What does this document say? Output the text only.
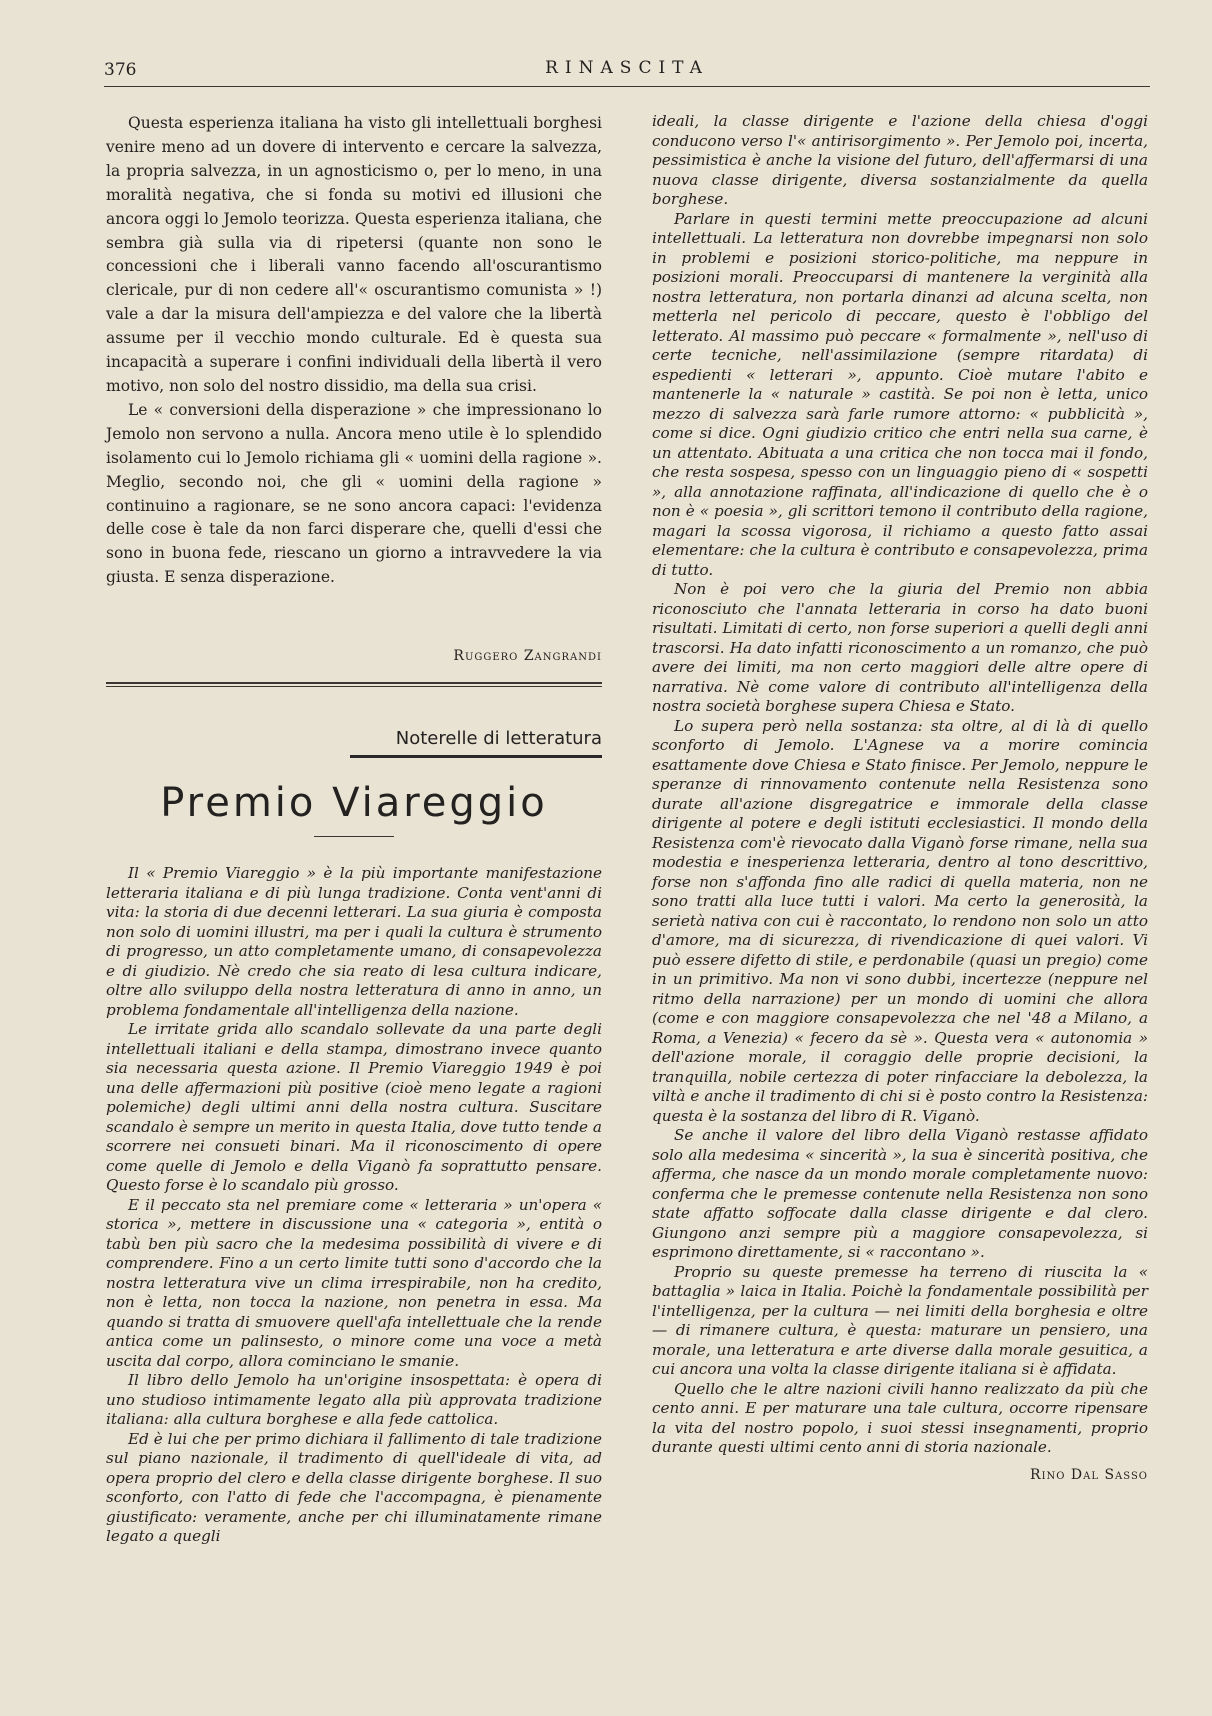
376	RINASCITA

Questa esperienza italiana ha visto gli intellettuali borghesi venire meno ad un dovere di intervento e cercare la salvezza, la propria salvezza, in un agnosticismo o, per lo meno, in una moralità negativa, che si fonda su motivi ed illusioni che ancora oggi lo Jemolo teorizza. Questa esperienza italiana, che sembra già sulla via di ripetersi (quante non sono le concessioni che i liberali vanno facendo all'oscurantismo clericale, pur di non cedere all'« oscurantismo comunista » !) vale a dar la misura dell'ampiezza e del valore che la libertà assume per il vecchio mondo culturale. Ed è questa sua incapacità a superare i confini individuali della libertà il vero motivo, non solo del nostro dissidio, ma della sua crisi.

Le « conversioni della disperazione » che impressionano lo Jemolo non servono a nulla. Ancora meno utile è lo splendido isolamento cui lo Jemolo richiama gli « uomini della ragione ». Meglio, secondo noi, che gli « uomini della ragione » continuino a ragionare, se ne sono ancora capaci: l'evidenza delle cose è tale da non farci disperare che, quelli d'essi che sono in buona fede, riescano un giorno a intravvedere la via giusta. E senza disperazione.

Ruggero Zangrandi
Noterelle di letteratura
Premio Viareggio

Il « Premio Viareggio » è la più importante manifestazione letteraria italiana e di più lunga tradizione. Conta vent'anni di vita: la storia di due decenni letterari. La sua giuria è composta non solo di uomini illustri, ma per i quali la cultura è strumento di progresso, un atto completamente umano, di consapevolezza e di giudizio. Nè credo che sia reato di lesa cultura indicare, oltre allo sviluppo della nostra letteratura di anno in anno, un problema fondamentale all'intelligenza della nazione.

Le irritate grida allo scandalo sollevate da una parte degli intellettuali italiani e della stampa, dimostrano invece quanto sia necessaria questa azione. Il Premio Viareggio 1949 è poi una delle affermazioni più positive (cioè meno legate a ragioni polemiche) degli ultimi anni della nostra cultura. Suscitare scandalo è sempre un merito in questa Italia, dove tutto tende a scorrere nei consueti binari. Ma il riconoscimento di opere come quelle di Jemolo e della Viganò fa soprattutto pensare. Questo forse è lo scandalo più grosso.

E il peccato sta nel premiare come « letteraria » un'opera « storica », mettere in discussione una « categoria », entità o tabù ben più sacro che la medesima possibilità di vivere e di comprendere. Fino a un certo limite tutti sono d'accordo che la nostra letteratura vive un clima irrespirabile, non ha credito, non è letta, non tocca la nazione, non penetra in essa. Ma quando si tratta di smuovere quell'afa intellettuale che la rende antica come un palinsesto, o minore come una voce a metà uscita dal corpo, allora cominciano le smanie.

Il libro dello Jemolo ha un'origine insospettata: è opera di uno studioso intimamente legato alla più approvata tradizione italiana: alla cultura borghese e alla fede cattolica.

Ed è lui che per primo dichiara il fallimento di tale tradizione sul piano nazionale, il tradimento di quell'ideale di vita, ad opera proprio del clero e della classe dirigente borghese. Il suo sconforto, con l'atto di fede che l'accompagna, è pienamente giustificato: veramente, anche per chi illuminatamente rimane legato a quegli

ideali, la classe dirigente e l'azione della chiesa d'oggi conducono verso l'« antirisorgimento ». Per Jemolo poi, incerta, pessimistica è anche la visione del futuro, dell'affermarsi di una nuova classe dirigente, diversa sostanzialmente da quella borghese.

Parlare in questi termini mette preoccupazione ad alcuni intellettuali. La letteratura non dovrebbe impegnarsi non solo in problemi e posizioni storico-politiche, ma neppure in posizioni morali. Preoccuparsi di mantenere la verginità alla nostra letteratura, non portarla dinanzi ad alcuna scelta, non metterla nel pericolo di peccare, questo è l'obbligo del letterato. Al massimo può peccare « formalmente », nell'uso di certe tecniche, nell'assimilazione (sempre ritardata) di espedienti « letterari », appunto. Cioè mutare l'abito e mantenerle la « naturale » castità. Se poi non è letta, unico mezzo di salvezza sarà farle rumore attorno: « pubblicità », come si dice. Ogni giudizio critico che entri nella sua carne, è un attentato. Abituata a una critica che non tocca mai il fondo, che resta sospesa, spesso con un linguaggio pieno di « sospetti », alla annotazione raffinata, all'indicazione di quello che è o non è « poesia », gli scrittori temono il contributo della ragione, magari la scossa vigorosa, il richiamo a questo fatto assai elementare: che la cultura è contributo e consapevolezza, prima di tutto.

Non è poi vero che la giuria del Premio non abbia riconosciuto che l'annata letteraria in corso ha dato buoni risultati. Limitati di certo, non forse superiori a quelli degli anni trascorsi. Ha dato infatti riconoscimento a un romanzo, che può avere dei limiti, ma non certo maggiori delle altre opere di narrativa. Nè come valore di contributo all'intelligenza della nostra società borghese supera Chiesa e Stato.

Lo supera però nella sostanza: sta oltre, al di là di quello sconforto di Jemolo. L'Agnese va a morire comincia esattamente dove Chiesa e Stato finisce. Per Jemolo, neppure le speranze di rinnovamento contenute nella Resistenza sono durate all'azione disgregatrice e immorale della classe dirigente al potere e degli istituti ecclesiastici. Il mondo della Resistenza com'è rievocato dalla Viganò forse rimane, nella sua modestia e inesperienza letteraria, dentro al tono descrittivo, forse non s'affonda fino alle radici di quella materia, non ne sono tratti alla luce tutti i valori. Ma certo la generosità, la serietà nativa con cui è raccontato, lo rendono non solo un atto d'amore, ma di sicurezza, di rivendicazione di quei valori. Vi può essere difetto di stile, e perdonabile (quasi un pregio) come in un primitivo. Ma non vi sono dubbi, incertezze (neppure nel ritmo della narrazione) per un mondo di uomini che allora (come e con maggiore consapevolezza che nel '48 a Milano, a Roma, a Venezia) « fecero da sè ». Questa vera « autonomia » dell'azione morale, il coraggio delle proprie decisioni, la tranquilla, nobile certezza di poter rinfacciare la debolezza, la viltà e anche il tradimento di chi si è posto contro la Resistenza: questa è la sostanza del libro di R. Viganò.

Se anche il valore del libro della Viganò restasse affidato solo alla medesima « sincerità », la sua è sincerità positiva, che afferma, che nasce da un mondo morale completamente nuovo: conferma che le premesse contenute nella Resistenza non sono state affatto soffocate dalla classe dirigente e dal clero. Giungono anzi sempre più a maggiore consapevolezza, si esprimono direttamente, si « raccontano ».

Proprio su queste premesse ha terreno di riuscita la « battaglia » laica in Italia. Poichè la fondamentale possibilità per l'intelligenza, per la cultura — nei limiti della borghesia e oltre — di rimanere cultura, è questa: maturare un pensiero, una morale, una letteratura e arte diverse dalla morale gesuitica, a cui ancora una volta la classe dirigente italiana si è affidata.

Quello che le altre nazioni civili hanno realizzato da più che cento anni. E per maturare una tale cultura, occorre ripensare la vita del nostro popolo, i suoi stessi insegnamenti, proprio durante questi ultimi cento anni di storia nazionale.

Rino Dal Sasso
